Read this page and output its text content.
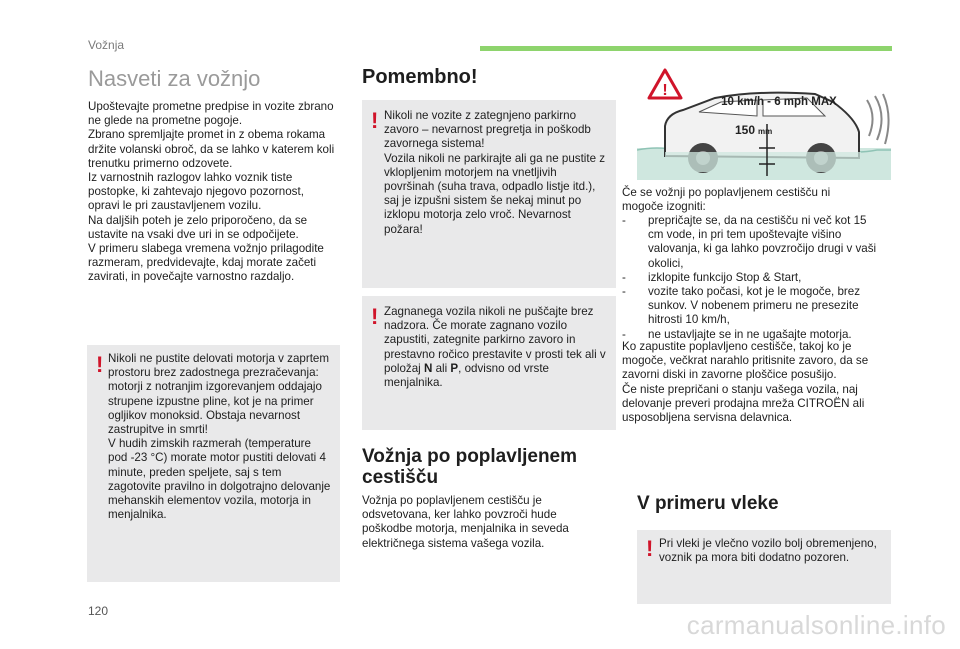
Vožnja
Nasveti za vožnjo
Upoštevajte prometne predpise in vozite zbrano ne glede na prometne pogoje.
Zbrano spremljajte promet in z obema rokama držite volanski obroč, da se lahko v katerem koli trenutku primerno odzovete.
Iz varnostnih razlogov lahko voznik tiste postopke, ki zahtevajo njegovo pozornost, opravi le pri zaustavljenem vozilu.
Na daljših poteh je zelo priporočeno, da se ustavite na vsaki dve uri in se odpočijete.
V primeru slabega vremena vožnjo prilagodite razmeram, predvidevajte, kdaj morate začeti zavirati, in povečajte varnostno razdaljo.
! Nikoli ne pustite delovati motorja v zaprtem prostoru brez zadostnega prezračevanja: motorji z notranjim izgorevanjem oddajajo strupene izpustne pline, kot je na primer ogljikov monoksid. Obstaja nevarnost zastrupitve in smrti!
V hudih zimskih razmerah (temperature pod -23 °C) morate motor pustiti delovati 4 minute, preden speljete, saj s tem zagotovite pravilno in dolgotrajno delovanje mehanskih elementov vozila, motorja in menjalnika.
Pomembno!
! Nikoli ne vozite z zategnjeno parkirno zavoro – nevarnost pregretja in poškodb zavornega sistema!
Vozila nikoli ne parkirajte ali ga ne pustite z vklopljenim motorjem na vnetljivih površinah (suha trava, odpadlo listje itd.), saj je izpušni sistem še nekaj minut po izklopu motorja zelo vroč. Nevarnost požara!
! Zagnanega vozila nikoli ne puščajte brez nadzora. Če morate zagnano vozilo zapustiti, zategnite parkirno zavoro in prestavno ročico prestavite v prosti tek ali v položaj N ali P, odvisno od vrste menjalnika.
Vožnja po poplavljenem cestišču
Vožnja po poplavljenem cestišču je odsvetovana, ker lahko povzroči hude poškodbe motorja, menjalnika in seveda električnega sistema vašega vozila.
150 mm
!
10 km/h - 6 mph MAX
Če se vožnji po poplavljenem cestišču ni mogoče izogniti:
- prepričajte se, da na cestišču ni več kot 15 cm vode, in pri tem upoštevajte višino valovanja, ki ga lahko povzročijo drugi v vaši okolici,
- izklopite funkcijo Stop & Start,
- vozite tako počasi, kot je le mogoče, brez sunkov. V nobenem primeru ne presezite hitrosti 10 km/h,
- ne ustavljajte se in ne ugašajte motorja.
Ko zapustite poplavljeno cestišče, takoj ko je mogoče, večkrat narahlo pritisnite zavoro, da se zavorni diski in zavorne ploščice posušijo.
Če niste prepričani o stanju vašega vozila, naj delovanje preveri prodajna mreža CITROËN ali usposobljena servisna delavnica.
V primeru vleke
! Pri vleki je vlečno vozilo bolj obremenjeno, voznik pa mora biti dodatno pozoren.
120	carmanualsonline.info
